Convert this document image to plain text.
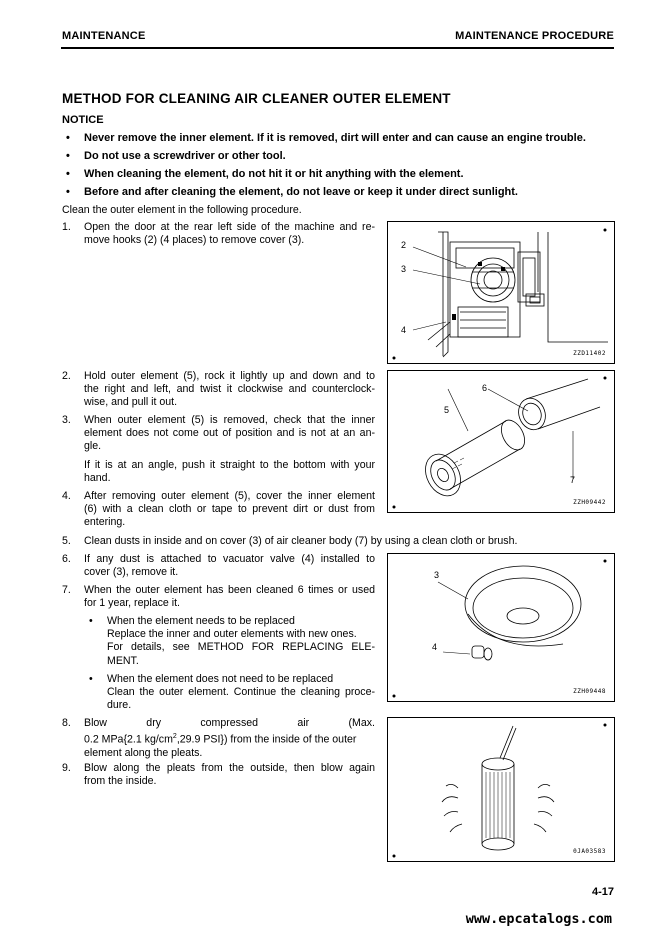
MAINTENANCE	MAINTENANCE PROCEDURE
METHOD FOR CLEANING AIR CLEANER OUTER ELEMENT
NOTICE
• Never remove the inner element. If it is removed, dirt will enter and can cause an engine trouble.
• Do not use a screwdriver or other tool.
• When cleaning the element, do not hit it or hit anything with the element.
• Before and after cleaning the element, do not leave or keep it under direct sunlight.
Clean the outer element in the following procedure.
1. Open the door at the rear left side of the machine and re-
move hooks (2) (4 places) to remove cover (3).
2. Hold outer element (5), rock it lightly up and down and to
the right and left, and twist it clockwise and counterclock-
wise, and pull it out.
3. When outer element (5) is removed, check that the inner
element does not come out of position and is not at an an-
gle.
If it is at an angle, push it straight to the bottom with your
hand.
4. After removing outer element (5), cover the inner element
(6) with a clean cloth or tape to prevent dirt or dust from
entering.
5. Clean dusts in inside and on cover (3) of air cleaner body (7) by using a clean cloth or brush.
6. If any dust is attached to vacuator valve (4) installed to
cover (3), remove it.
7. When the outer element has been cleaned 6 times or used
for 1 year, replace it.
• When the element needs to be replaced
Replace the inner and outer elements with new ones.
For details, see METHOD FOR REPLACING ELE-
MENT.
• When the element does not need to be replaced
Clean the outer element. Continue the cleaning proce-
dure.
8. Blow	dry	compressed	air	(Max.
0.2 MPa{2.1 $kg/cm^2,29.9$ PSI}) from the inside of the outer
element along the pleats.
9. Blow along the pleats from the outside, then blow again
from the inside.
2
3
4
ZZD11402
6
5
7
ZZH09442
3
4
ZZH09448
0JA03583
4-17
www.epcatalogs.com
